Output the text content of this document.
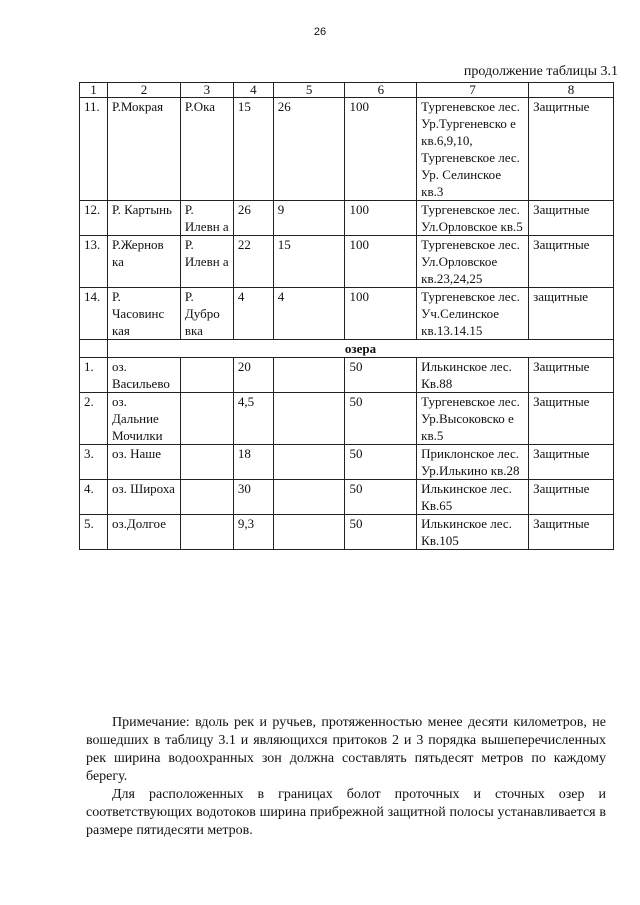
26
продолжение таблицы 3.1
1	2	3	4	5	6	7	8
11.	Р.Мокрая	Р.Ока	15	26	100	Тургеневское лес. Ур.Тургеневско е кв.6,9,10, Тургеневское лес. Ур. Селинское кв.3	Защитные
12.	Р. Картынь	Р. Илевн а	26	9	100	Тургеневское лес. Ул.Орловское кв.5	Защитные
13.	Р.Жернов ка	Р. Илевн а	22	15	100	Тургеневское лес. Ул.Орловское кв.23,24,25	Защитные
14.	Р. Часовинс кая	Р. Дубро вка	4	4	100	Тургеневское лес. Уч.Селинское кв.13.14.15	защитные
	озера						
1.	оз. Васильево		20		50	Илькинское лес. Кв.88	Защитные
2.	оз. Дальние Мочилки		4,5		50	Тургеневское лес. Ур.Высоковско е кв.5	Защитные
3.	оз. Наше		18		50	Приклонское лес. Ур.Илькино кв.28	Защитные
4.	оз. Широха		30		50	Илькинское лес. Кв.65	Защитные
5.	оз.Долгое		9,3		50	Илькинское лес. Кв.105	Защитные

Примечание: вдоль рек и ручьев, протяженностью менее десяти километров, не вошедших в таблицу 3.1 и являющихся притоков 2 и 3 порядка вышеперечисленных рек ширина водоохранных зон должна составлять пятьдесят метров по каждому берегу.

Для расположенных в границах болот проточных и сточных озер и соответствующих водотоков ширина прибрежной защитной полосы устанавливается в размере пятидесяти метров.
